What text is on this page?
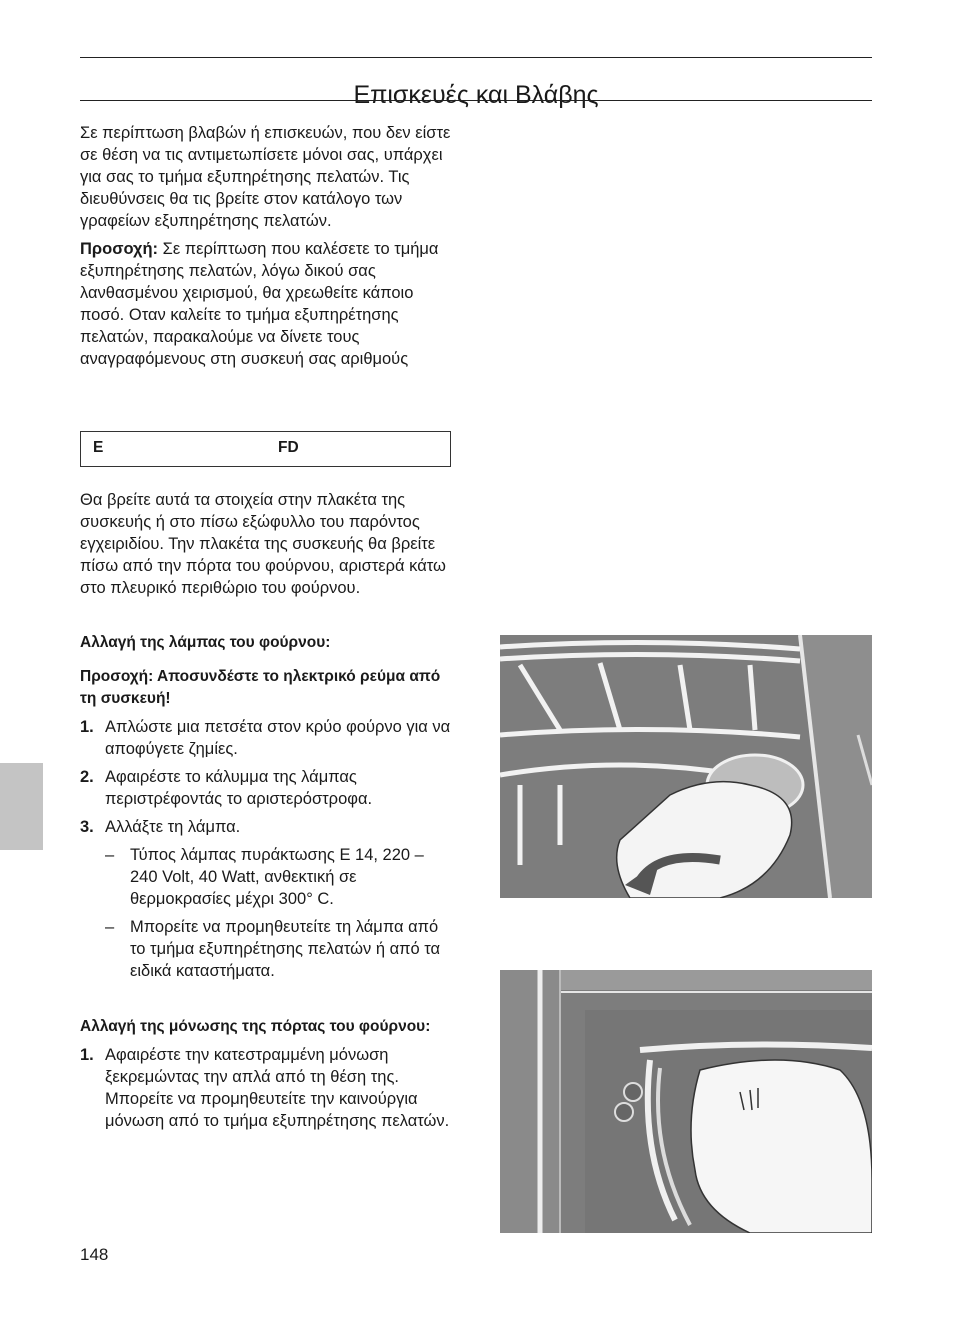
Επισκευές και Βλάβης

Σε περίπτωση βλαβών ή επισκευών, που δεν είστε σε θέση να τις αντιμετωπίσετε μόνοι σας, υπάρχει για σας το τμήμα εξυπηρέτησης πελατών. Τις διευθύνσεις θα τις βρείτε στον κατάλογο των γραφείων εξυπηρέτησης πελατών.

Προσοχή: Σε περίπτωση που καλέσετε το τμήμα εξυπηρέτησης πελατών, λόγω δικού σας λανθασμένου χειρισμού, θα χρεωθείτε κάποιο ποσό. Οταν καλείτε το τμήμα εξυπηρέτησης πελατών, παρακαλούμε να δίνετε τους αναγραφόμενους στη συσκευή σας αριθμούς

E	FD

Θα βρείτε αυτά τα στοιχεία στην πλακέτα της συσκευής ή στο πίσω εξώφυλλο του παρόντος εγχειριδίου. Την πλακέτα της συσκευής θα βρείτε πίσω από την πόρτα του φούρνου, αριστερά κάτω στο πλευρικό περιθώριο του φούρνου.

Αλλαγή της λάμπας του φούρνου:

Προσοχή: Αποσυνδέστε το ηλεκτρικό ρεύμα από τη συσκευή!

1. Απλώστε μια πετσέτα στον κρύο φούρνο για να αποφύγετε ζημίες.
2. Αφαιρέστε το κάλυμμα της λάμπας περιστρέφοντάς το αριστερόστροφα.
3. Αλλάξτε τη λάμπα.
– Τύπος λάμπας πυράκτωσης E 14, 220 – 240 Volt, 40 Watt, ανθεκτική σε θερμοκρασίες μέχρι 300° C.
– Μπορείτε να προμηθευτείτε τη λάμπα από το τμήμα εξυπηρέτησης πελατών ή από τα ειδικά καταστήματα.

Αλλαγή της μόνωσης της πόρτας του φούρνου:

1. Αφαιρέστε την κατεστραμμένη μόνωση ξεκρεμώντας την απλά από τη θέση της. Μπορείτε να προμηθευτείτε την καινούργια μόνωση από το τμήμα εξυπηρέτησης πελατών.
148
